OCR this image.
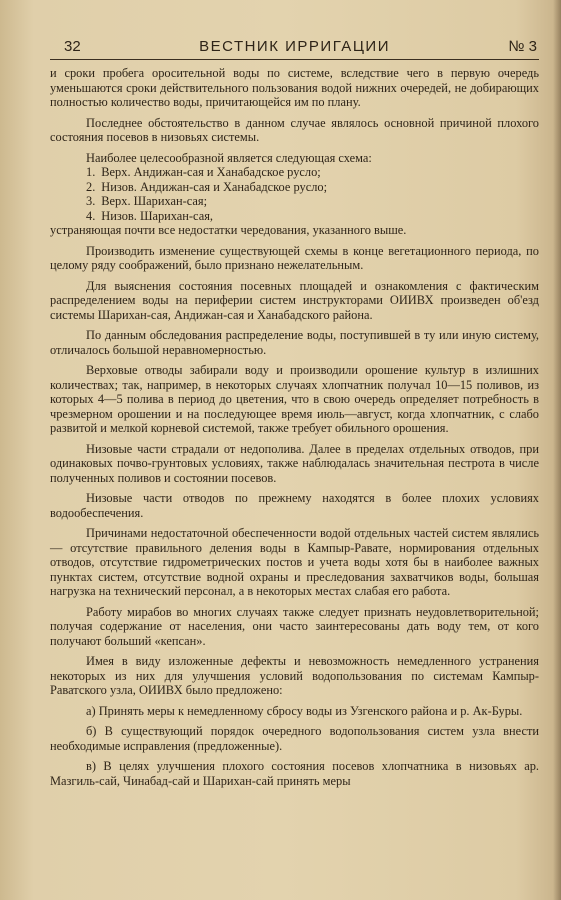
32	ВЕСТНИК ИРРИГАЦИИ	№ 3

и сроки пробега оросительной воды по системе, вследствие чего в первую очередь уменьшаются сроки действительного пользования водой нижних очередей, не добирающих полностью количество воды, причитающейся им по плану.

Последнее обстоятельство в данном случае являлось основной причиной плохого состояния посевов в низовьях системы.

Наиболее целесообразной является следующая схема:

1. Верх. Андижан-сая и Ханабадское русло;
2. Низов. Андижан-сая и Ханабадское русло;
3. Верх. Шарихан-сая;
4. Низов. Шарихан-сая,

устраняющая почти все недостатки чередования, указанного выше.

Производить изменение существующей схемы в конце вегетационного периода, по целому ряду соображений, было признано нежелательным.

Для выяснения состояния посевных площадей и ознакомления с фактическим распределением воды на периферии систем инструкторами ОИИВХ произведен об'езд системы Шарихан-сая, Андижан-сая и Ханабадского района.

По данным обследования распределение воды, поступившей в ту или иную систему, отличалось большой неравномерностью.

Верховые отводы забирали воду и производили орошение культур в излишних количествах; так, например, в некоторых случаях хлопчатник получал 10—15 поливов, из которых 4—5 полива в период до цветения, что в свою очередь определяет потребность в чрезмерном орошении и на последующее время июль—август, когда хлопчатник, с слабо развитой и мелкой корневой системой, также требует обильного орошения.

Низовые части страдали от недополива. Далее в пределах отдельных отводов, при одинаковых почво-грунтовых условиях, также наблюдалась значительная пестрота в числе полученных поливов и состоянии посевов.

Низовые части отводов по прежнему находятся в более плохих условиях водообеспечения.

Причинами недостаточной обеспеченности водой отдельных частей систем являлись — отсутствие правильного деления воды в Кампыр-Равате, нормирования отдельных отводов, отсутствие гидрометрических постов и учета воды хотя бы в наиболее важных пунктах систем, отсутствие водной охраны и преследования захватчиков воды, большая нагрузка на технический персонал, а в некоторых местах слабая его работа.

Работу мирабов во многих случаях также следует признать неудовлетворительной; получая содержание от населения, они часто заинтересованы дать воду тем, от кого получают больший «кепсан».

Имея в виду изложенные дефекты и невозможность немедленного устранения некоторых из них для улучшения условий водопользования по системам Кампыр-Раватского узла, ОИИВХ было предложено:

а) Принять меры к немедленному сбросу воды из Узгенского района и р. Ак-Буры.

б) В существующий порядок очередного водопользования систем узла внести необходимые исправления (предложенные).

в) В целях улучшения плохого состояния посевов хлопчатника в низовьях ар. Мазгиль-сай, Чинабад-сай и Шарихан-сай принять меры
